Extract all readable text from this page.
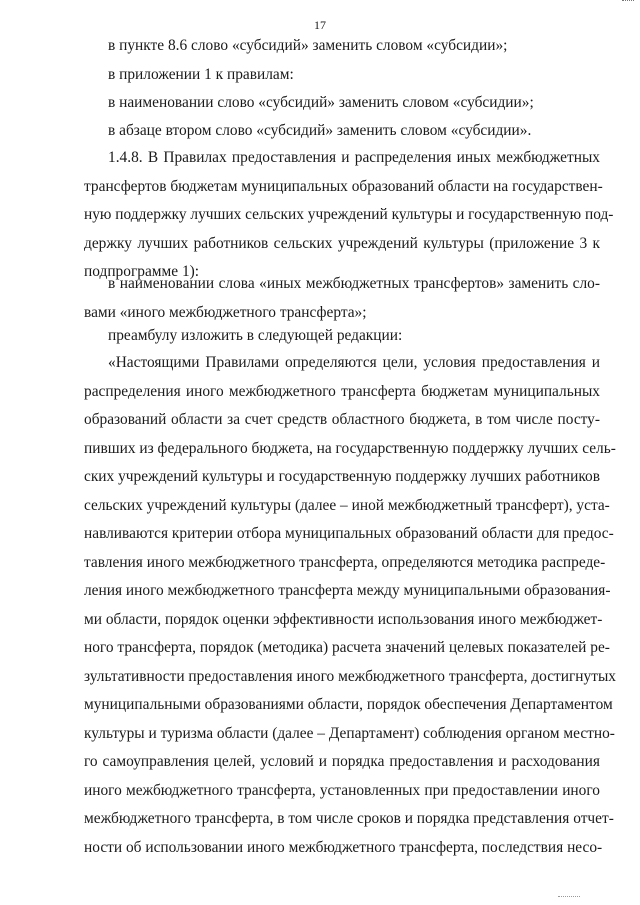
17

в пункте 8.6 слово «субсидий» заменить словом «субсидии»;

в приложении 1 к правилам:

в наименовании слово «субсидий» заменить словом «субсидии»;

в абзаце втором слово «субсидий» заменить словом «субсидии».

1.4.8. В Правилах предоставления и распределения иных межбюджетных
трансфертов бюджетам муниципальных образований области на государствен-
ную поддержку лучших сельских учреждений культуры и государственную под-
держку лучших работников сельских учреждений культуры (приложение 3 к
подпрограмме 1):

в наименовании слова «иных межбюджетных трансфертов» заменить сло-
вами «иного межбюджетного трансферта»;

преамбулу изложить в следующей редакции:

«Настоящими Правилами определяются цели, условия предоставления и
распределения иного межбюджетного трансферта бюджетам муниципальных
образований области за счет средств областного бюджета, в том числе посту-
пивших из федерального бюджета, на государственную поддержку лучших сель-
ских учреждений культуры и государственную поддержку лучших работников
сельских учреждений культуры (далее – иной межбюджетный трансферт), уста-
навливаются критерии отбора муниципальных образований области для предос-
тавления иного межбюджетного трансферта, определяются методика распреде-
ления иного межбюджетного трансферта между муниципальными образования-
ми области, порядок оценки эффективности использования иного межбюджет-
ного трансферта, порядок (методика) расчета значений целевых показателей ре-
зультативности предоставления иного межбюджетного трансферта, достигнутых
муниципальными образованиями области, порядок обеспечения Департаментом
культуры и туризма области (далее – Департамент) соблюдения органом местно-
го самоуправления целей, условий и порядка предоставления и расходования
иного межбюджетного трансферта, установленных при предоставлении иного
межбюджетного трансферта, в том числе сроков и порядка представления отчет-
ности об использовании иного межбюджетного трансферта, последствия несо-
